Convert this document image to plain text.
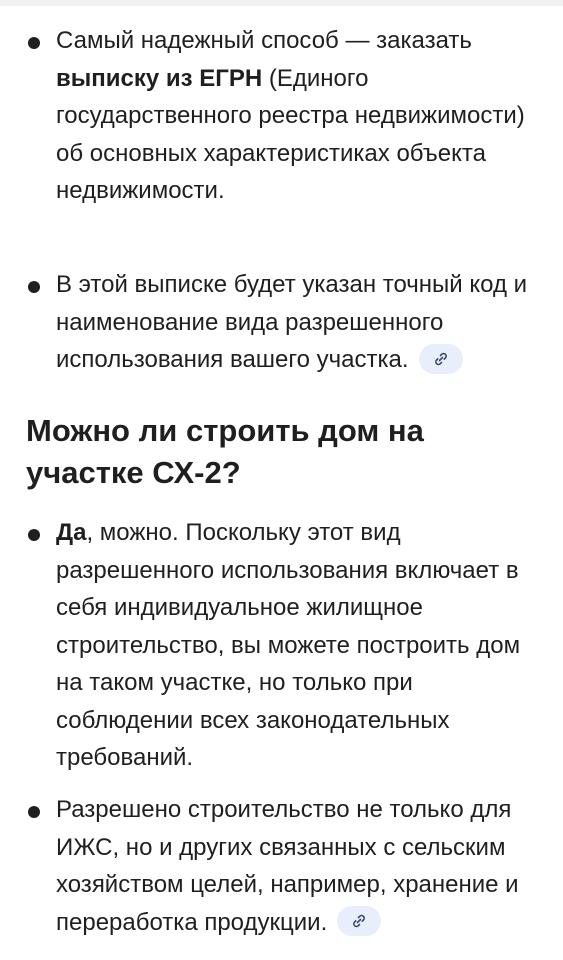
Самый надежный способ — заказать выписку из ЕГРН (Единого государственного реестра недвижимости) об основных характеристиках объекта недвижимости.

В этой выписке будет указан точный код и наименование вида разрешенного использования вашего участка.

Можно ли строить дом на участке СХ-2?

Да, можно. Поскольку этот вид разрешенного использования включает в себя индивидуальное жилищное строительство, вы можете построить дом на таком участке, но только при соблюдении всех законодательных требований.

Разрешено строительство не только для ИЖС, но и других связанных с сельским хозяйством целей, например, хранение и переработка продукции.
